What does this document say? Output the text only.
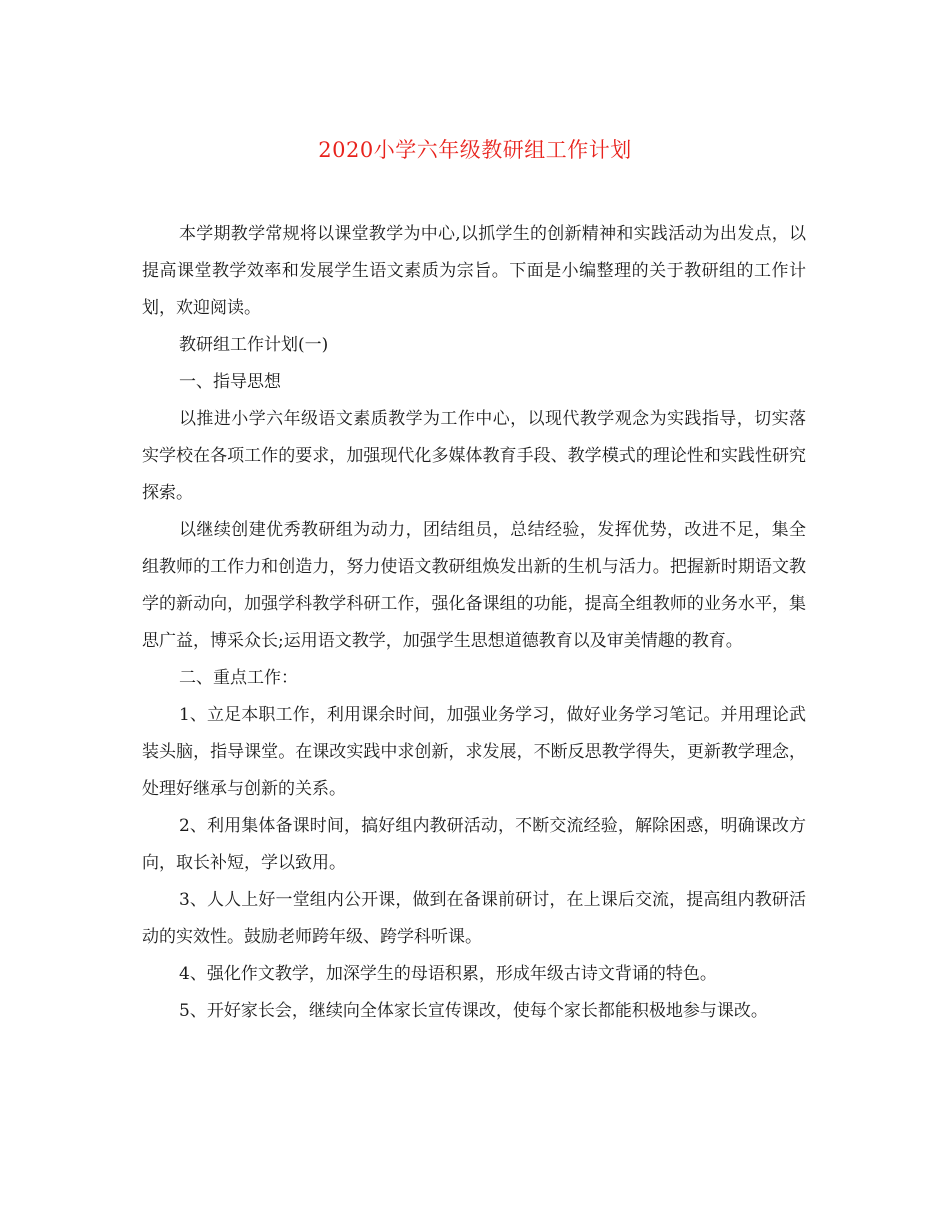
2020小学六年级教研组工作计划

本学期教学常规将以课堂教学为中心,以抓学生的创新精神和实践活动为出发点，以提高课堂教学效率和发展学生语文素质为宗旨。下面是小编整理的关于教研组的工作计划，欢迎阅读。

教研组工作计划(一)

一、指导思想

以推进小学六年级语文素质教学为工作中心，以现代教学观念为实践指导，切实落实学校在各项工作的要求，加强现代化多媒体教育手段、教学模式的理论性和实践性研究探索。

以继续创建优秀教研组为动力，团结组员，总结经验，发挥优势，改进不足，集全组教师的工作力和创造力，努力使语文教研组焕发出新的生机与活力。把握新时期语文教学的新动向，加强学科教学科研工作，强化备课组的功能，提高全组教师的业务水平，集思广益，博采众长;运用语文教学，加强学生思想道德教育以及审美情趣的教育。

二、重点工作：

1、立足本职工作，利用课余时间，加强业务学习，做好业务学习笔记。并用理论武装头脑，指导课堂。在课改实践中求创新，求发展，不断反思教学得失，更新教学理念，处理好继承与创新的关系。

2、利用集体备课时间，搞好组内教研活动，不断交流经验，解除困惑，明确课改方向，取长补短，学以致用。

3、人人上好一堂组内公开课，做到在备课前研讨，在上课后交流，提高组内教研活动的实效性。鼓励老师跨年级、跨学科听课。

4、强化作文教学，加深学生的母语积累，形成年级古诗文背诵的特色。

5、开好家长会，继续向全体家长宣传课改，使每个家长都能积极地参与课改。
